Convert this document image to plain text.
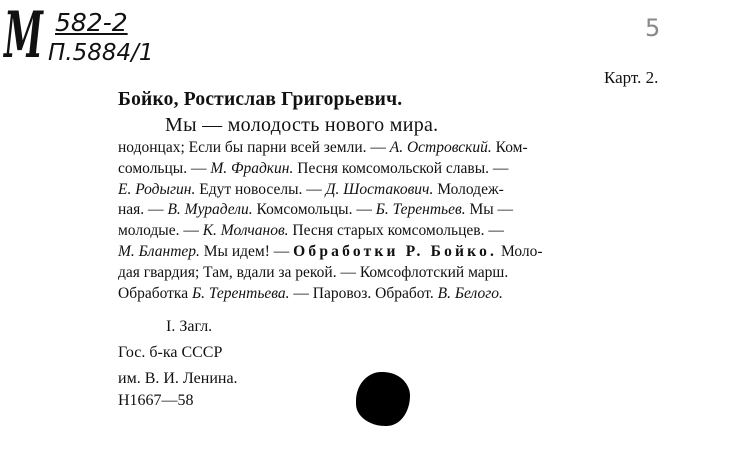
M 582-2
П.5884/1
5
Карт. 2.
Бойко, Ростислав Григорьевич.
Мы — молодость нового мира.
нодонцах; Если бы парни всей земли. — А. Островский. Ком-
сомольцы. — М. Фрадкин. Песня комсомольской славы. —
Е. Родыгин. Едут новоселы. — Д. Шостакович. Молодеж-
ная. — В. Мурадели. Комсомольцы. — Б. Терентьев. Мы —
молодые. — К. Молчанов. Песня старых комсомольцев. —
М. Блантер. Мы идем! — Обработки Р. Бойко. Моло-
дая гвардия; Там, вдали за рекой. — Комсофлотский марш.
Обработка Б. Терентьева. — Паровоз. Обработ. В. Белого.
I. Загл.
Гос. б-ка СССР
им. В. И. Ленина.
Н1667—58
